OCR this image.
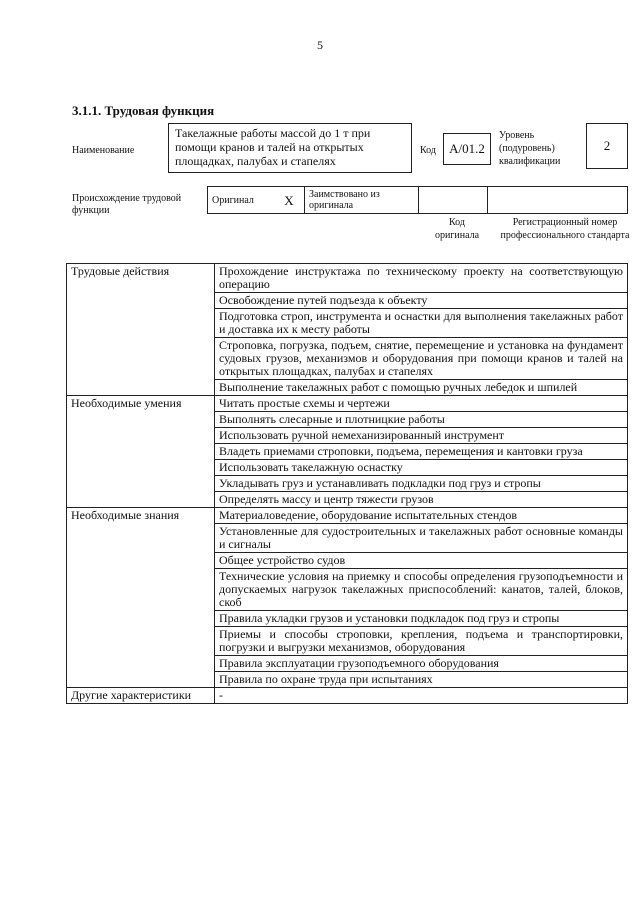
5
3.1.1. Трудовая функция
Наименование
Такелажные работы массой до 1 т при помощи кранов и талей на открытых площадках, палубах и стапелях
Код	А/01.2
Уровень (подуровень) квалификации
2
Происхождение трудовой функции
Оригинал	X	Заимствовано из оригинала		
Код оригинала
Регистрационный номер профессионального стандарта
Трудовые действия	Прохождение инструктажа по техническому проекту на соответствующую операцию
	Освобождение путей подъезда к объекту
	Подготовка строп, инструмента и оснастки для выполнения такелажных работ и доставка их к месту работы
	Строповка, погрузка, подъем, снятие, перемещение и установка на фундамент судовых грузов, механизмов и оборудования при помощи кранов и талей на открытых площадках, палубах и стапелях
	Выполнение такелажных работ с помощью ручных лебедок и шпилей
Необходимые умения	Читать простые схемы и чертежи
	Выполнять слесарные и плотницкие работы
	Использовать ручной немеханизированный инструмент
	Владеть приемами строповки, подъема, перемещения и кантовки груза
	Использовать такелажную оснастку
	Укладывать груз и устанавливать подкладки под груз и стропы
	Определять массу и центр тяжести грузов
Необходимые знания	Материаловедение, оборудование испытательных стендов
	Установленные для судостроительных и такелажных работ основные команды и сигналы
	Общее устройство судов
	Технические условия на приемку и способы определения грузоподъемности и допускаемых нагрузок такелажных приспособлений: канатов, талей, блоков, скоб
	Правила укладки грузов и установки подкладок под груз и стропы
	Приемы и способы строповки, крепления, подъема и транспортировки, погрузки и выгрузки механизмов, оборудования
	Правила эксплуатации грузоподъемного оборудования
	Правила по охране труда при испытаниях
Другие характеристики	-
